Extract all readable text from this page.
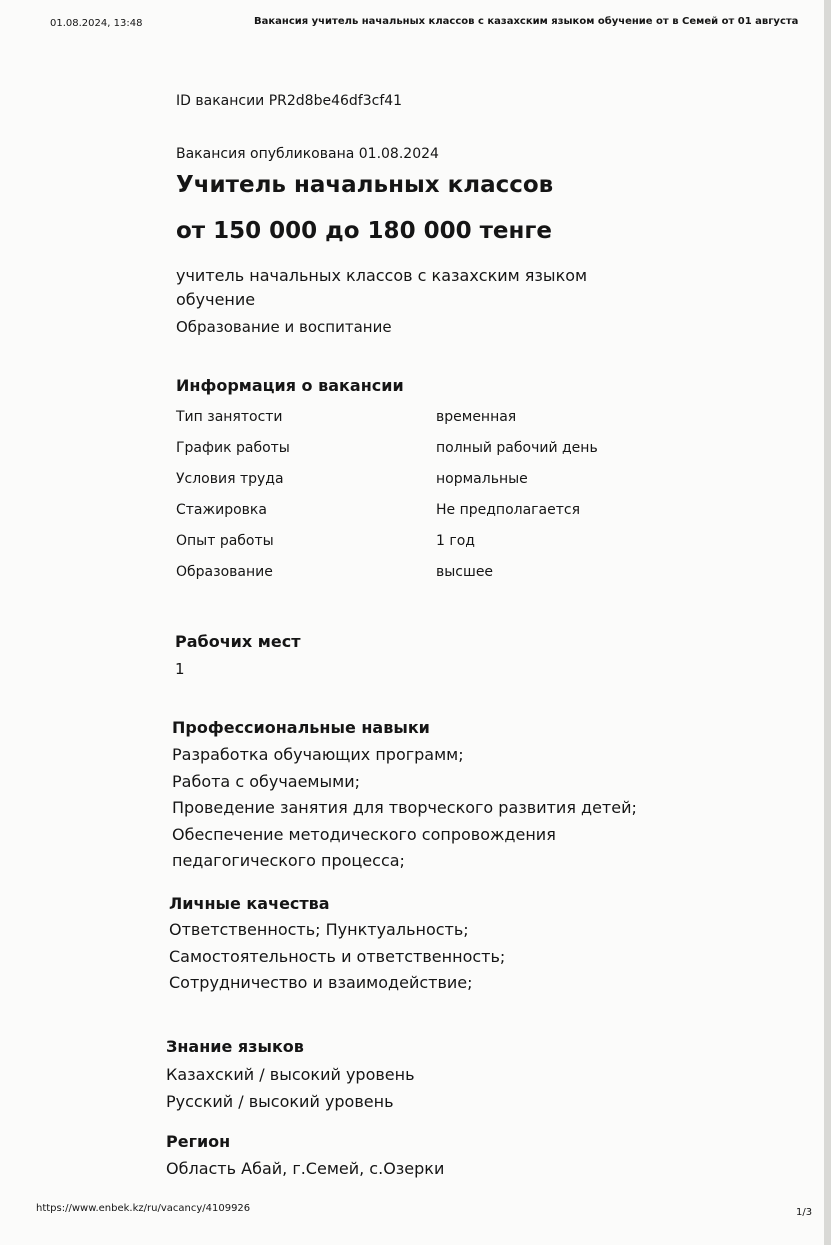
01.08.2024, 13:48	Вакансия учитель начальных классов с казахским языком обучение от в Семей от 01 августа
ID вакансии PR2d8be46df3cf41
Вакансия опубликована 01.08.2024
Учитель начальных классов
от 150 000 до 180 000 тенге
учитель начальных классов с казахским языком обучение
Образование и воспитание
Информация о вакансии
Тип занятости	временная
График работы	полный рабочий день
Условия труда	нормальные
Стажировка	Не предполагается
Опыт работы	1 год
Образование	высшее
Рабочих мест
1
Профессиональные навыки
Разработка обучающих программ;
Работа с обучаемыми;
Проведение занятия для творческого развития детей;
Обеспечение методического сопровождения
педагогического процесса;
Личные качества
Ответственность; Пунктуальность;
Самостоятельность и ответственность;
Сотрудничество и взаимодействие;
Знание языков
Казахский / высокий уровень
Русский / высокий уровень
Регион
Область Абай, г.Семей, с.Озерки
https://www.enbek.kz/ru/vacancy/4109926	1/3
